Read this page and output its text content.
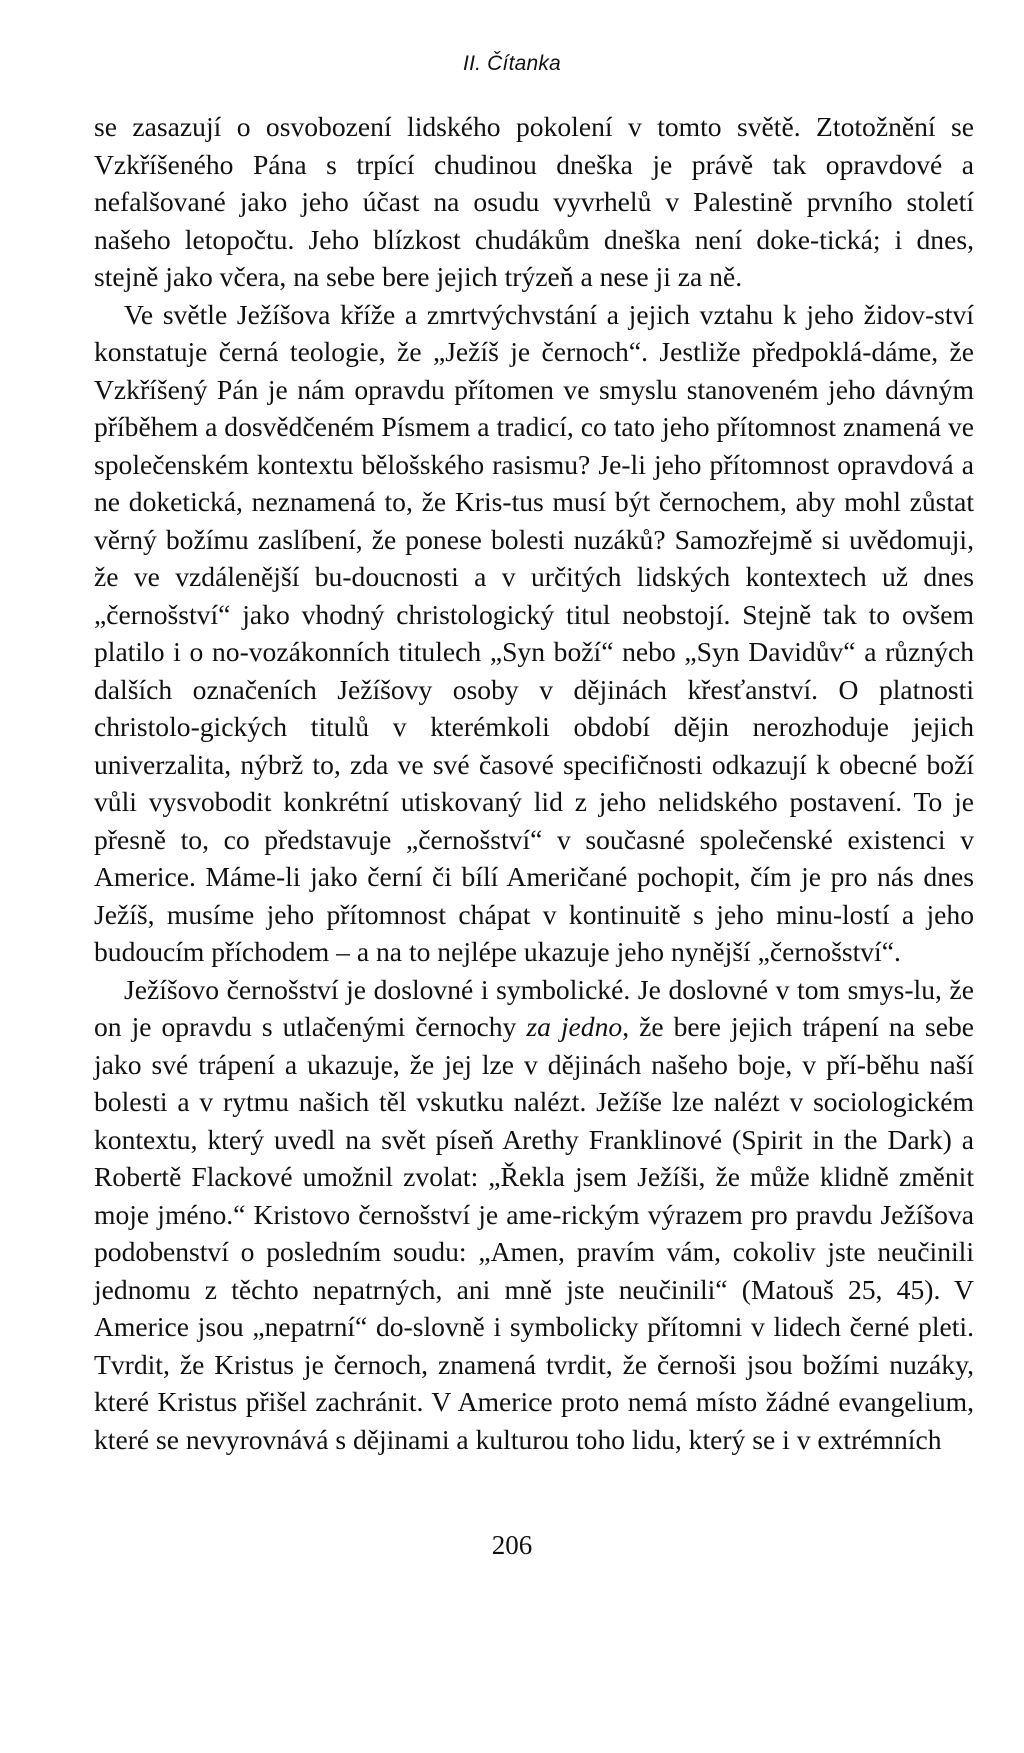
II. Čítanka

se zasazují o osvobození lidského pokolení v tomto světě. Ztotožnění se Vzkříšeného Pána s trpící chudinou dneška je právě tak opravdové a nefalšované jako jeho účast na osudu vyvrhelů v Palestině prvního století našeho letopočtu. Jeho blízkost chudákům dneška není doke-tická; i dnes, stejně jako včera, na sebe bere jejich trýzeň a nese ji za ně.

Ve světle Ježíšova kříže a zmrtvýchvstání a jejich vztahu k jeho židov-ství konstatuje černá teologie, že „Ježíš je černoch“. Jestliže předpoklá-dáme, že Vzkříšený Pán je nám opravdu přítomen ve smyslu stanoveném jeho dávným příběhem a dosvědčeném Písmem a tradicí, co tato jeho přítomnost znamená ve společenském kontextu bělošského rasismu? Je-li jeho přítomnost opravdová a ne doketická, neznamená to, že Kris-tus musí být černochem, aby mohl zůstat věrný božímu zaslíbení, že ponese bolesti nuzáků? Samozřejmě si uvědomuji, že ve vzdálenější bu-doucnosti a v určitých lidských kontextech už dnes „černošství“ jako vhodný christologický titul neobstojí. Stejně tak to ovšem platilo i o no-vozákonních titulech „Syn boží“ nebo „Syn Davidův“ a různých dalších označeních Ježíšovy osoby v dějinách křesťanství. O platnosti christolo-gických titulů v kterémkoli období dějin nerozhoduje jejich univerzalita, nýbrž to, zda ve své časové specifičnosti odkazují k obecné boží vůli vysvobodit konkrétní utiskovaný lid z jeho nelidského postavení. To je přesně to, co představuje „černošství“ v současné společenské existenci v Americe. Máme-li jako černí či bílí Američané pochopit, čím je pro nás dnes Ježíš, musíme jeho přítomnost chápat v kontinuitě s jeho minu-lostí a jeho budoucím příchodem – a na to nejlépe ukazuje jeho nynější „černošství“.

Ježíšovo černošství je doslovné i symbolické. Je doslovné v tom smys-lu, že on je opravdu s utlačenými černochy za jedno, že bere jejich trápení na sebe jako své trápení a ukazuje, že jej lze v dějinách našeho boje, v pří-běhu naší bolesti a v rytmu našich těl vskutku nalézt. Ježíše lze nalézt v sociologickém kontextu, který uvedl na svět píseň Arethy Franklinové (Spirit in the Dark) a Robertě Flackové umožnil zvolat: „Řekla jsem Ježíši, že může klidně změnit moje jméno.“ Kristovo černošství je ame-rickým výrazem pro pravdu Ježíšova podobenství o posledním soudu: „Amen, pravím vám, cokoliv jste neučinili jednomu z těchto nepatrných, ani mně jste neučinili“ (Matouš 25, 45). V Americe jsou „nepatrní“ do-slovně i symbolicky přítomni v lidech černé pleti. Tvrdit, že Kristus je černoch, znamená tvrdit, že černoši jsou božími nuzáky, které Kristus přišel zachránit. V Americe proto nemá místo žádné evangelium, které se nevyrovnává s dějinami a kulturou toho lidu, který se i v extrémních

206
